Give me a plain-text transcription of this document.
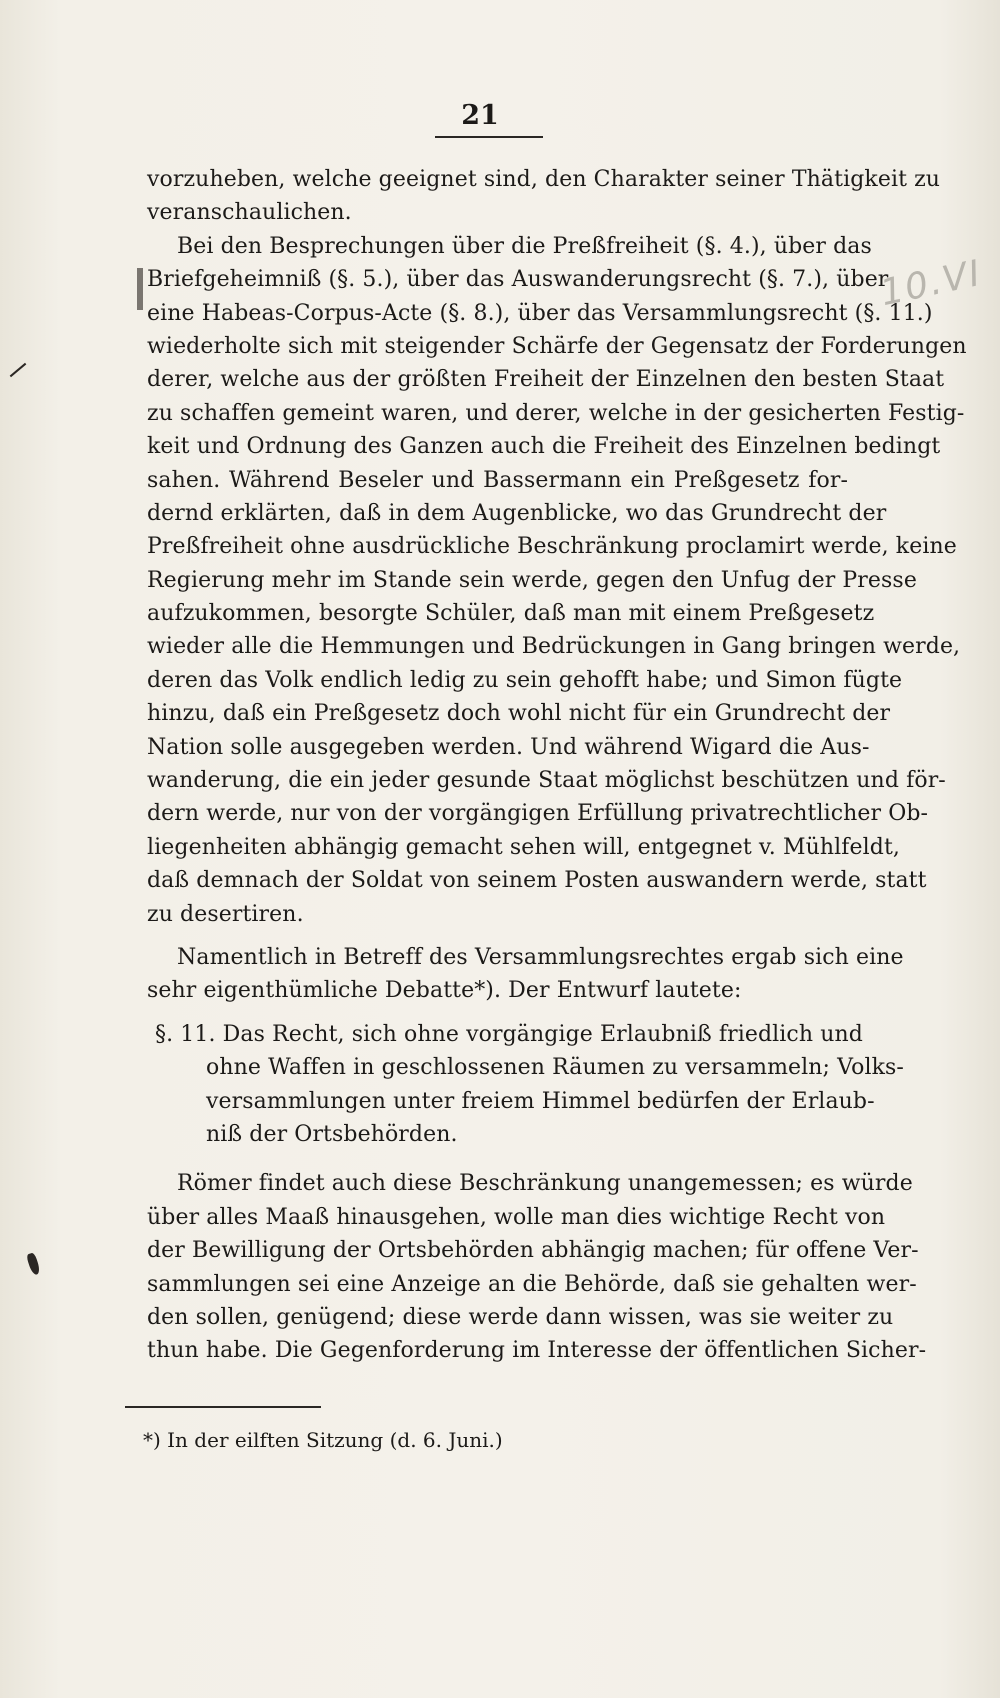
21
10.VI
vorzuheben, welche geeignet sind, den Charakter seiner Thätigkeit zu
veranschaulichen.
Bei den Besprechungen über die Preßfreiheit (§. 4.), über das
Briefgeheimniß (§. 5.), über das Auswanderungsrecht (§. 7.), über
eine Habeas-Corpus-Acte (§. 8.), über das Versammlungsrecht (§. 11.)
wiederholte sich mit steigender Schärfe der Gegensatz der Forderungen
derer, welche aus der größten Freiheit der Einzelnen den besten Staat
zu schaffen gemeint waren, und derer, welche in der gesicherten Festig-
keit und Ordnung des Ganzen auch die Freiheit des Einzelnen bedingt
sahen. Während Beseler und Bassermann ein Preßgesetz for-
dernd erklärten, daß in dem Augenblicke, wo das Grundrecht der
Preßfreiheit ohne ausdrückliche Beschränkung proclamirt werde, keine
Regierung mehr im Stande sein werde, gegen den Unfug der Presse
aufzukommen, besorgte Schüler, daß man mit einem Preßgesetz
wieder alle die Hemmungen und Bedrückungen in Gang bringen werde,
deren das Volk endlich ledig zu sein gehofft habe; und Simon fügte
hinzu, daß ein Preßgesetz doch wohl nicht für ein Grundrecht der
Nation solle ausgegeben werden. Und während Wigard die Aus-
wanderung, die ein jeder gesunde Staat möglichst beschützen und för-
dern werde, nur von der vorgängigen Erfüllung privatrechtlicher Ob-
liegenheiten abhängig gemacht sehen will, entgegnet v. Mühlfeldt,
daß demnach der Soldat von seinem Posten auswandern werde, statt
zu desertiren.
Namentlich in Betreff des Versammlungsrechtes ergab sich eine
sehr eigenthümliche Debatte*). Der Entwurf lautete:
§. 11. Das Recht, sich ohne vorgängige Erlaubniß friedlich und
ohne Waffen in geschlossenen Räumen zu versammeln; Volks-
versammlungen unter freiem Himmel bedürfen der Erlaub-
niß der Ortsbehörden.
Römer findet auch diese Beschränkung unangemessen; es würde
über alles Maaß hinausgehen, wolle man dies wichtige Recht von
der Bewilligung der Ortsbehörden abhängig machen; für offene Ver-
sammlungen sei eine Anzeige an die Behörde, daß sie gehalten wer-
den sollen, genügend; diese werde dann wissen, was sie weiter zu
thun habe. Die Gegenforderung im Interesse der öffentlichen Sicher-
*) In der eilften Sitzung (d. 6. Juni.)
